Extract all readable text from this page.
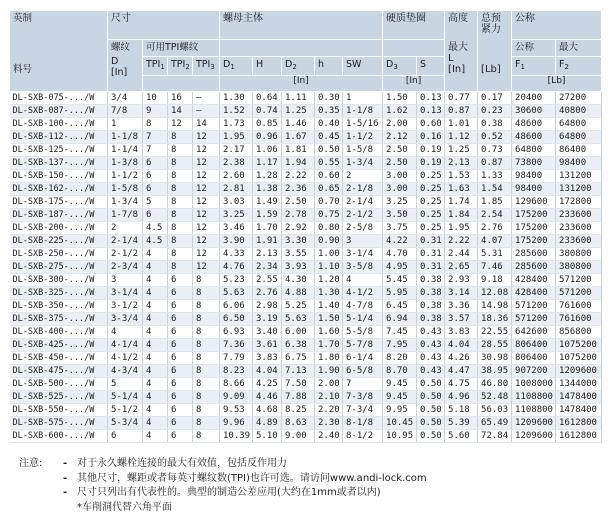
英制
料号
	尺寸	螺母主体	硬质垫圈	高度
最大
L
[In]

总预紧力
[Lb]
	公称

	螺纹
D
[In]	可用TPI螺纹												公称	最大
		$TPI_1$	$TPI_2$	$TPI_3$	$D_1$	H	$D_2$	h	SW	$D_3$	S			$F_1$	$F_2$
					[In]					[In]				[Lb]	
DL-SXB-075-.../W	3/4	10	16	–	1.30	0.64	1.11	0.30	1	1.50	0.13	0.77	0.17	20400	27200
DL-SXB-087-.../W	7/8	9	14	–	1.52	0.74	1.25	0.35	1-1/8	1.62	0.13	0.87	0.23	30600	40800
DL-SXB-100-.../W	1	8	12	14	1.73	0.85	1.46	0.40	1-5/16	2.00	0.60	1.01	0.38	48600	64800
DL-SXB-112-.../W	1-1/8	7	8	12	1.95	0.96	1.67	0.45	1-1/2	2.12	0.16	1.12	0.52	48600	64800
DL-SXB-125-.../W	1-1/4	7	8	12	2.17	1.06	1.81	0.50	1-5/8	2.50	0.19	1.25	0.73	64800	86400
DL-SXB-137-.../W	1-3/8	6	8	12	2.38	1.17	1.94	0.55	1-3/4	2.50	0.19	2.13	0.87	73800	98400
DL-SXB-150-.../W	1-1/2	6	8	12	2.60	1.28	2.22	0.60	2	3.00	0.25	1.53	1.33	98400	131200
DL-SXB-162-.../W	1-5/8	6	8	12	2.81	1.38	2.36	0.65	2-1/8	3.00	0.25	1.63	1.54	98400	131200
DL-SXB-175-.../W	1-3/4	5	8	12	3.03	1.49	2.50	0.70	2-1/4	3.25	0.25	1.74	1.85	129600	172800
DL-SXB-187-.../W	1-7/8	6	8	12	3.25	1.59	2.78	0.75	2-1/2	3.50	0.25	1.84	2.54	175200	233600
DL-SXB-200-.../W	2	4.5	8	12	3.46	1.70	2.92	0.80	2-5/8	3.75	0.25	1.95	2.76	175200	233600
DL-SXB-225-.../W	2-1/4	4.5	8	12	3.90	1.91	3.30	0.90	3	4.22	0.31	2.22	4.07	175200	233600
DL-SXB-250-.../W	2-1/2	4	8	12	4.33	2.13	3.55	1.00	3-1/4	4.70	0.31	2.44	5.31	285600	380800
DL-SXB-275-.../W	2-3/4	4	8	12	4.76	2.34	3.93	1.10	3-5/8	4.95	0.31	2.65	7.46	285600	380800
DL-SXB-300-.../W	3	4	6	8	5.23	2.55	4.30	1.20	4	5.45	0.38	2.93	9.18	428400	571200
DL-SXB-325-.../W	3-1/4	4	6	8	5.63	2.76	4.88	1.30	4-1/2	5.95	0.38	3.14	12.08	428400	571200
DL-SXB-350-.../W	3-1/2	4	6	8	6.06	2.98	5.25	1.40	4-7/8	6.45	0.38	3.36	14.98	571200	761600
DL-SXB-375-.../W	3-3/4	4	6	8	6.50	3.19	5.63	1.50	5-1/4	6.94	0.38	3.57	18.36	571200	761600
DL-SXB-400-.../W	4	4	6	8	6.93	3.40	6.00	1.60	5-5/8	7.45	0.43	3.83	22.55	642600	856800
DL-SXB-425-.../W	4-1/4	4	6	8	7.36	3.61	6.38	1.70	5-7/8	7.95	0.43	4.04	28.55	806400	1075200
DL-SXB-450-.../W	4-1/2	4	6	8	7.79	3.83	6.75	1.80	6-1/4	8.20	0.43	4.26	30.98	806400	1075200
DL-SXB-475-.../W	4-3/4	4	6	8	8.23	4.04	7.13	1.90	6-5/8	8.70	0.43	4.47	38.95	907200	1209600
DL-SXB-500-.../W	5	4	6	8	8.66	4.25	7.50	2.00	7	9.45	0.50	4.75	46.80	1008000	1344000
DL-SXB-525-.../W	5-1/4	4	6	8	9.09	4.46	7.88	2.10	7-3/8	9.45	0.50	4.96	52.48	1108800	1478400
DL-SXB-550-.../W	5-1/2	4	6	8	9.53	4.68	8.25	2.20	7-3/4	9.95	0.50	5.18	56.03	1108800	1478400
DL-SXB-575-.../W	5-3/4	4	6	8	9.96	4.89	8.63	2.30	8-1/8	10.45	0.50	5.39	65.49	1209600	1612800
DL-SXB-600-.../W	6	4	6	8	10.39	5.10	9.00	2.40	8-1/2	10.95	0.50	5.60	72.84	1209600	1612800
注意:	- 对于永久螺栓连接的最大有效值，包括反作用力
- 其他尺寸，螺距或者每英寸螺纹数(TPI)也许可选。请访问www.andi-lock.com
- 尺寸只列出有代表性的。典型的制造公差应用(大约在1mm或者以内)
*车削洞代替六角平面
